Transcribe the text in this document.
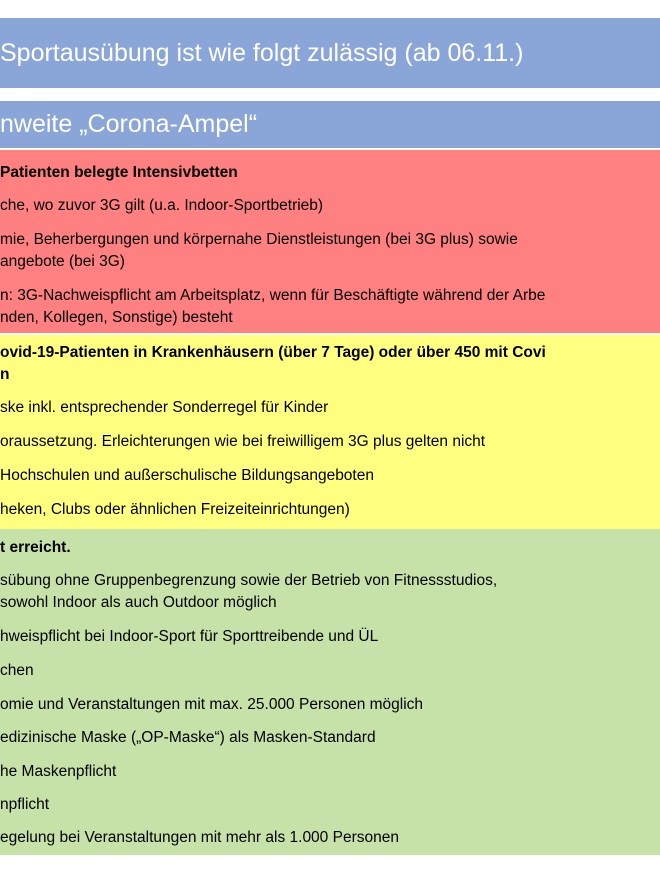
Sportausübung ist wie folgt zulässig (ab 06.11.)
nweite „Corona-Ampel“
Patienten belegte Intensivbetten
che, wo zuvor 3G gilt (u.a. Indoor-Sportbetrieb)
mie, Beherbergungen und körpernahe Dienstleistungen (bei 3G plus) sowie
angebote (bei 3G)
n: 3G-Nachweispflicht am Arbeitsplatz, wenn für Beschäftigte während der Arbe
nden, Kollegen, Sonstige) besteht
ovid-19-Patienten in Krankenhäusern (über 7 Tage) oder über 450 mit Covi
n
ske inkl. entsprechender Sonderregel für Kinder
oraussetzung. Erleichterungen wie bei freiwilligem 3G plus gelten nicht
Hochschulen und außerschulische Bildungsangeboten
heken, Clubs oder ähnlichen Freizeiteinrichtungen)
t erreicht.
sübung ohne Gruppenbegrenzung sowie der Betrieb von Fitnessstudios,
sowohl Indoor als auch Outdoor möglich
hweispflicht bei Indoor-Sport für Sporttreibende und ÜL
chen
omie und Veranstaltungen mit max. 25.000 Personen möglich
edizinische Maske („OP-Maske“) als Masken-Standard
he Maskenpflicht
npflicht
egelung bei Veranstaltungen mit mehr als 1.000 Personen
